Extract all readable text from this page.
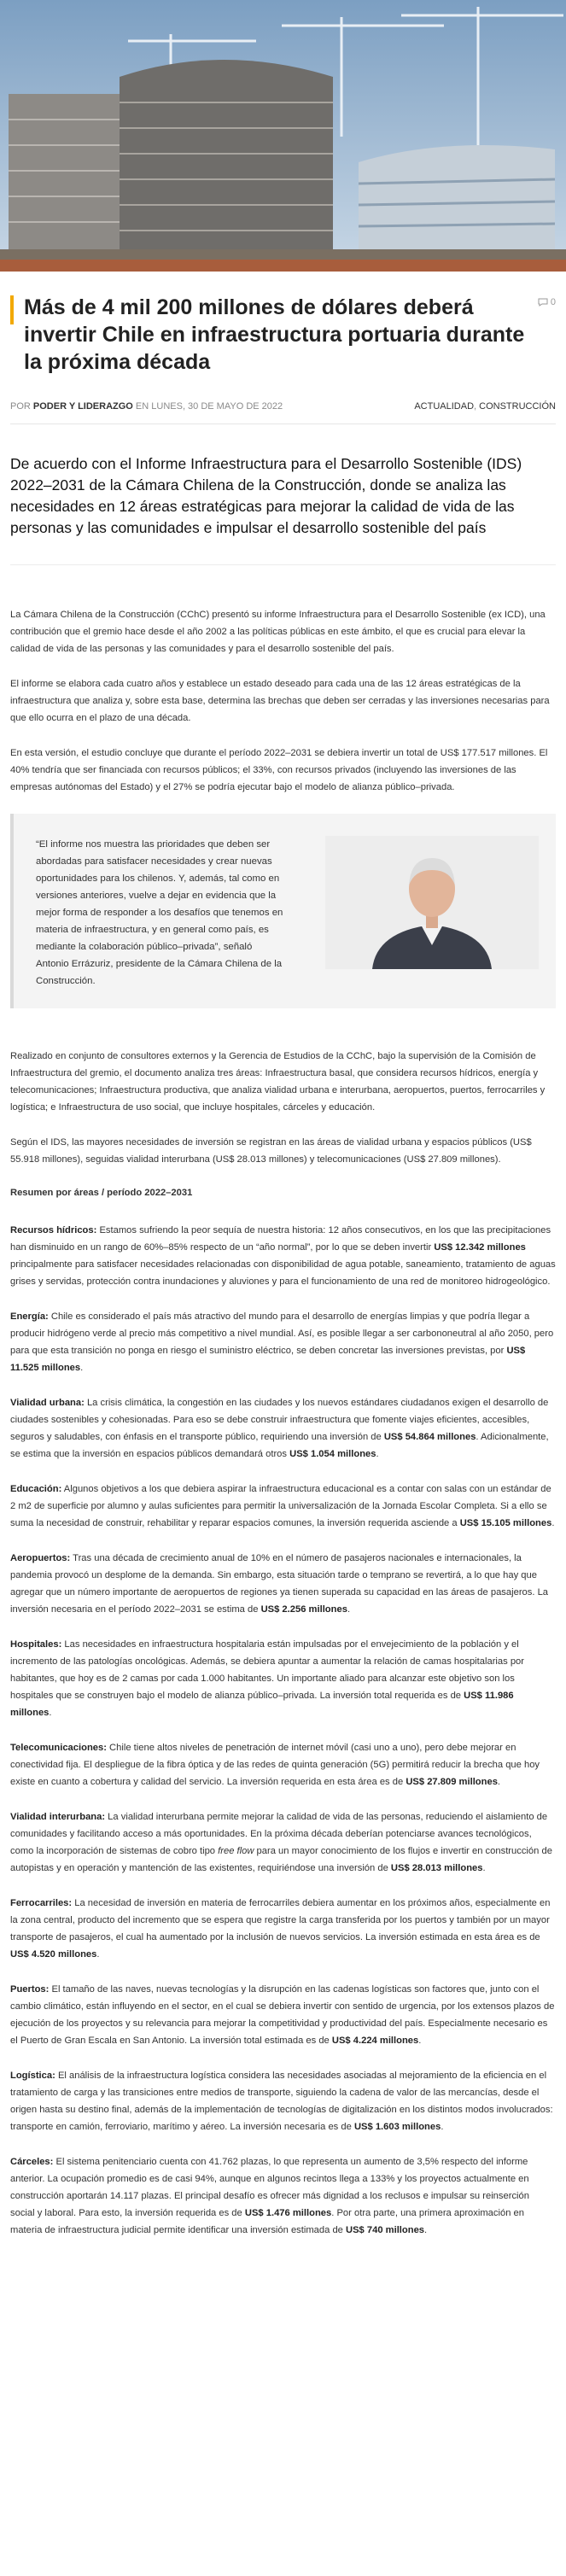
Más de 4 mil 200 millones de dólares deberá invertir Chile en infraestructura portuaria durante la próxima década
0
POR PODER Y LIDERAZGO EN LUNES, 30 DE MAYO DE 2022	ACTUALIDAD, CONSTRUCCIÓN

De acuerdo con el Informe Infraestructura para el Desarrollo Sostenible (IDS) 2022–2031 de la Cámara Chilena de la Construcción, donde se analiza las necesidades en 12 áreas estratégicas para mejorar la calidad de vida de las personas y las comunidades e impulsar el desarrollo sostenible del país

La Cámara Chilena de la Construcción (CChC) presentó su informe Infraestructura para el Desarrollo Sostenible (ex ICD), una contribución que el gremio hace desde el año 2002 a las políticas públicas en este ámbito, el que es crucial para elevar la calidad de vida de las personas y las comunidades y para el desarrollo sostenible del país.

El informe se elabora cada cuatro años y establece un estado deseado para cada una de las 12 áreas estratégicas de la infraestructura que analiza y, sobre esta base, determina las brechas que deben ser cerradas y las inversiones necesarias para que ello ocurra en el plazo de una década.

En esta versión, el estudio concluye que durante el período 2022–2031 se debiera invertir un total de US$ 177.517 millones. El 40% tendría que ser financiada con recursos públicos; el 33%, con recursos privados (incluyendo las inversiones de las empresas autónomas del Estado) y el 27% se podría ejecutar bajo el modelo de alianza público–privada.

“El informe nos muestra las prioridades que deben ser abordadas para satisfacer necesidades y crear nuevas oportunidades para los chilenos. Y, además, tal como en versiones anteriores, vuelve a dejar en evidencia que la mejor forma de responder a los desafíos que tenemos en materia de infraestructura, y en general como país, es mediante la colaboración público–privada”, señaló Antonio Errázuriz, presidente de la Cámara Chilena de la Construcción.

Realizado en conjunto de consultores externos y la Gerencia de Estudios de la CChC, bajo la supervisión de la Comisión de Infraestructura del gremio, el documento analiza tres áreas: Infraestructura basal, que considera recursos hídricos, energía y telecomunicaciones; Infraestructura productiva, que analiza vialidad urbana e interurbana, aeropuertos, puertos, ferrocarriles y logística; e Infraestructura de uso social, que incluye hospitales, cárceles y educación.

Según el IDS, las mayores necesidades de inversión se registran en las áreas de vialidad urbana y espacios públicos (US$ 55.918 millones), seguidas vialidad interurbana (US$ 28.013 millones) y telecomunicaciones (US$ 27.809 millones).

Resumen por áreas / período 2022–2031

Recursos hídricos: Estamos sufriendo la peor sequía de nuestra historia: 12 años consecutivos, en los que las precipitaciones han disminuido en un rango de 60%–85% respecto de un “año normal”, por lo que se deben invertir US$ 12.342 millones principalmente para satisfacer necesidades relacionadas con disponibilidad de agua potable, saneamiento, tratamiento de aguas grises y servidas, protección contra inundaciones y aluviones y para el funcionamiento de una red de monitoreo hidrogeológico.

Energía: Chile es considerado el país más atractivo del mundo para el desarrollo de energías limpias y que podría llegar a producir hidrógeno verde al precio más competitivo a nivel mundial. Así, es posible llegar a ser carbononeutral al año 2050, pero para que esta transición no ponga en riesgo el suministro eléctrico, se deben concretar las inversiones previstas, por US$ 11.525 millones.

Vialidad urbana: La crisis climática, la congestión en las ciudades y los nuevos estándares ciudadanos exigen el desarrollo de ciudades sostenibles y cohesionadas. Para eso se debe construir infraestructura que fomente viajes eficientes, accesibles, seguros y saludables, con énfasis en el transporte público, requiriendo una inversión de US$ 54.864 millones. Adicionalmente, se estima que la inversión en espacios públicos demandará otros US$ 1.054 millones.

Educación: Algunos objetivos a los que debiera aspirar la infraestructura educacional es a contar con salas con un estándar de 2 m2 de superficie por alumno y aulas suficientes para permitir la universalización de la Jornada Escolar Completa. Si a ello se suma la necesidad de construir, rehabilitar y reparar espacios comunes, la inversión requerida asciende a US$ 15.105 millones.

Aeropuertos: Tras una década de crecimiento anual de 10% en el número de pasajeros nacionales e internacionales, la pandemia provocó un desplome de la demanda. Sin embargo, esta situación tarde o temprano se revertirá, a lo que hay que agregar que un número importante de aeropuertos de regiones ya tienen superada su capacidad en las áreas de pasajeros. La inversión necesaria en el período 2022–2031 se estima de US$ 2.256 millones.

Hospitales: Las necesidades en infraestructura hospitalaria están impulsadas por el envejecimiento de la población y el incremento de las patologías oncológicas. Además, se debiera apuntar a aumentar la relación de camas hospitalarias por habitantes, que hoy es de 2 camas por cada 1.000 habitantes. Un importante aliado para alcanzar este objetivo son los hospitales que se construyen bajo el modelo de alianza público–privada. La inversión total requerida es de US$ 11.986 millones.

Telecomunicaciones: Chile tiene altos niveles de penetración de internet móvil (casi uno a uno), pero debe mejorar en conectividad fija. El despliegue de la fibra óptica y de las redes de quinta generación (5G) permitirá reducir la brecha que hoy existe en cuanto a cobertura y calidad del servicio. La inversión requerida en esta área es de US$ 27.809 millones.

Vialidad interurbana: La vialidad interurbana permite mejorar la calidad de vida de las personas, reduciendo el aislamiento de comunidades y facilitando acceso a más oportunidades. En la próxima década deberían potenciarse avances tecnológicos, como la incorporación de sistemas de cobro tipo free flow para un mayor conocimiento de los flujos e invertir en construcción de autopistas y en operación y mantención de las existentes, requiriéndose una inversión de US$ 28.013 millones.

Ferrocarriles: La necesidad de inversión en materia de ferrocarriles debiera aumentar en los próximos años, especialmente en la zona central, producto del incremento que se espera que registre la carga transferida por los puertos y también por un mayor transporte de pasajeros, el cual ha aumentado por la inclusión de nuevos servicios. La inversión estimada en esta área es de US$ 4.520 millones.

Puertos: El tamaño de las naves, nuevas tecnologías y la disrupción en las cadenas logísticas son factores que, junto con el cambio climático, están influyendo en el sector, en el cual se debiera invertir con sentido de urgencia, por los extensos plazos de ejecución de los proyectos y su relevancia para mejorar la competitividad y productividad del país. Especialmente necesario es el Puerto de Gran Escala en San Antonio. La inversión total estimada es de US$ 4.224 millones.

Logística: El análisis de la infraestructura logística considera las necesidades asociadas al mejoramiento de la eficiencia en el tratamiento de carga y las transiciones entre medios de transporte, siguiendo la cadena de valor de las mercancías, desde el origen hasta su destino final, además de la implementación de tecnologías de digitalización en los distintos modos involucrados: transporte en camión, ferroviario, marítimo y aéreo. La inversión necesaria es de US$ 1.603 millones.

Cárceles: El sistema penitenciario cuenta con 41.762 plazas, lo que representa un aumento de 3,5% respecto del informe anterior. La ocupación promedio es de casi 94%, aunque en algunos recintos llega a 133% y los proyectos actualmente en construcción aportarán 14.117 plazas. El principal desafío es ofrecer más dignidad a los reclusos e impulsar su reinserción social y laboral. Para esto, la inversión requerida es de US$ 1.476 millones. Por otra parte, una primera aproximación en materia de infraestructura judicial permite identificar una inversión estimada de US$ 740 millones.
